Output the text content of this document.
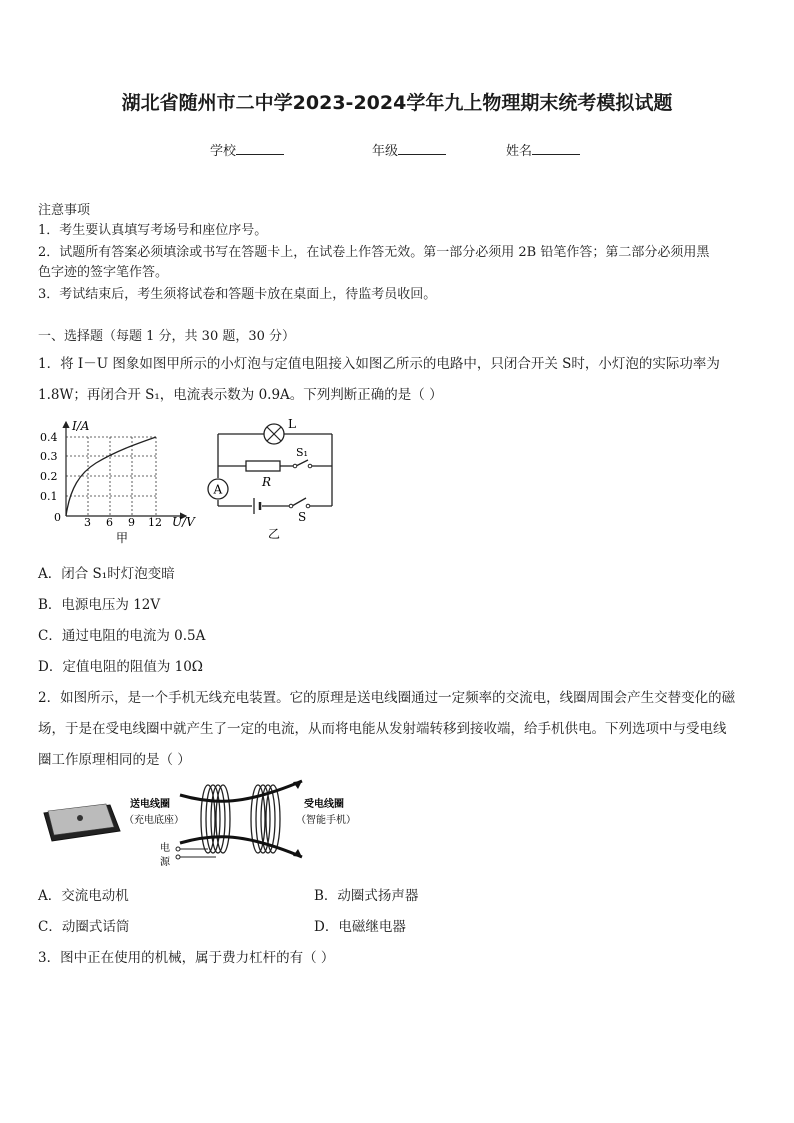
湖北省随州市二中学2023-2024学年九上物理期末统考模拟试题
学校	年级	姓名
注意事项
1．考生要认真填写考场号和座位序号。
2．试题所有答案必须填涂或书写在答题卡上，在试卷上作答无效。第一部分必须用 2B 铅笔作答；第二部分必须用黑
色字迹的签字笔作答。
3．考试结束后，考生须将试卷和答题卡放在桌面上，待监考员收回。
一、选择题（每题 1 分，共 30 题，30 分）
1．将 I－U 图象如图甲所示的小灯泡与定值电阻接入如图乙所示的电路中，只闭合开关 S时，小灯泡的实际功率为
1.8W；再闭合开 S₁，电流表示数为 0.9A。下列判断正确的是（ ）
I/A
0.4
0.3
0.2
0.1
0 3 6 9 12 U/V
甲
A
L
R
S₁
S
乙
A．闭合 S₁时灯泡变暗
B．电源电压为 12V
C．通过电阻的电流为 0.5A
D．定值电阻的阻值为 10Ω
2．如图所示，是一个手机无线充电装置。它的原理是送电线圈通过一定频率的交流电，线圈周围会产生交替变化的磁
场，于是在受电线圈中就产生了一定的电流，从而将电能从发射端转移到接收端，给手机供电。下列选项中与受电线
圈工作原理相同的是（ ）
送电线圈
（充电底座）
受电线圈
（智能手机）
电
源
A．交流电动机	B．动圈式扬声器
C．动圈式话筒	D．电磁继电器
3．图中正在使用的机械，属于费力杠杆的有（ ）
